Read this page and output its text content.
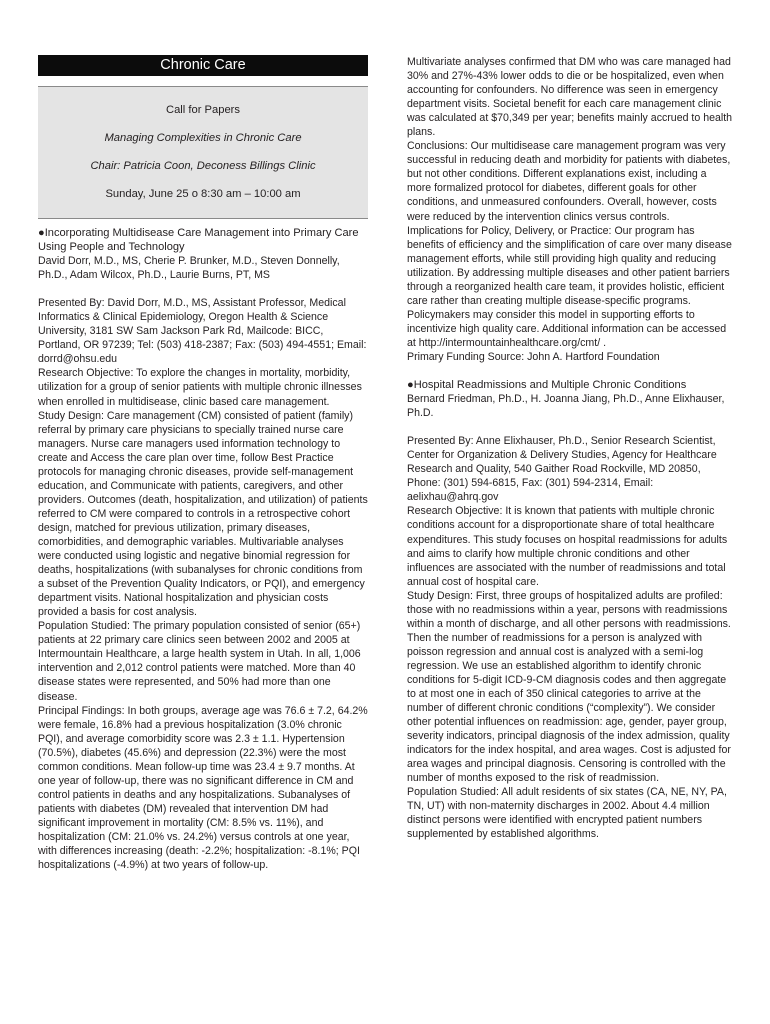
Chronic Care
Call for Papers
Managing Complexities in Chronic Care
Chair: Patricia Coon, Deconess Billings Clinic
Sunday, June 25 o 8:30 am – 10:00 am

●Incorporating Multidisease Care Management into Primary Care Using People and Technology

David Dorr, M.D., MS, Cherie P. Brunker, M.D., Steven Donnelly, Ph.D., Adam Wilcox, Ph.D., Laurie Burns, PT, MS

Presented By: David Dorr, M.D., MS, Assistant Professor, Medical Informatics & Clinical Epidemiology, Oregon Health & Science University, 3181 SW Sam Jackson Park Rd, Mailcode: BICC, Portland, OR 97239; Tel: (503) 418-2387; Fax: (503) 494-4551; Email: dorrd@ohsu.edu

Research Objective: To explore the changes in mortality, morbidity, utilization for a group of senior patients with multiple chronic illnesses when enrolled in multidisease, clinic based care management.

Study Design: Care management (CM) consisted of patient (family) referral by primary care physicians to specially trained nurse care managers. Nurse care managers used information technology to create and Access the care plan over time, follow Best Practice protocols for managing chronic diseases, provide self-management education, and Communicate with patients, caregivers, and other providers. Outcomes (death, hospitalization, and utilization) of patients referred to CM were compared to controls in a retrospective cohort design, matched for previous utilization, primary diseases, comorbidities, and demographic variables. Multivariable analyses were conducted using logistic and negative binomial regression for deaths, hospitalizations (with subanalyses for chronic conditions from a subset of the Prevention Quality Indicators, or PQI), and emergency department visits. National hospitalization and physician costs provided a basis for cost analysis.

Population Studied: The primary population consisted of senior (65+) patients at 22 primary care clinics seen between 2002 and 2005 at Intermountain Healthcare, a large health system in Utah. In all, 1,006 intervention and 2,012 control patients were matched. More than 40 disease states were represented, and 50% had more than one disease.

Principal Findings: In both groups, average age was 76.6 ± 7.2, 64.2% were female, 16.8% had a previous hospitalization (3.0% chronic PQI), and average comorbidity score was 2.3 ± 1.1. Hypertension (70.5%), diabetes (45.6%) and depression (22.3%) were the most common conditions. Mean follow-up time was 23.4 ± 9.7 months. At one year of follow-up, there was no significant difference in CM and control patients in deaths and any hospitalizations. Subanalyses of patients with diabetes (DM) revealed that intervention DM had significant improvement in mortality (CM: 8.5% vs. 11%), and hospitalization (CM: 21.0% vs. 24.2%) versus controls at one year, with differences increasing (death: -2.2%; hospitalization: -8.1%; PQI hospitalizations (-4.9%) at two years of follow-up.

Multivariate analyses confirmed that DM who was care managed had 30% and 27%-43% lower odds to die or be hospitalized, even when accounting for confounders. No difference was seen in emergency department visits. Societal benefit for each care management clinic was calculated at $70,349 per year; benefits mainly accrued to health plans.

Conclusions: Our multidisease care management program was very successful in reducing death and morbidity for patients with diabetes, but not other conditions. Different explanations exist, including a more formalized protocol for diabetes, different goals for other conditions, and unmeasured confounders. Overall, however, costs were reduced by the intervention clinics versus controls.

Implications for Policy, Delivery, or Practice: Our program has benefits of efficiency and the simplification of care over many disease management efforts, while still providing high quality and reducing utilization. By addressing multiple diseases and other patient barriers through a reorganized health care team, it provides holistic, efficient care rather than creating multiple disease-specific programs. Policymakers may consider this model in supporting efforts to incentivize high quality care. Additional information can be accessed at http://intermountainhealthcare.org/cmt/ .

Primary Funding Source: John A. Hartford Foundation

●Hospital Readmissions and Multiple Chronic Conditions

Bernard Friedman, Ph.D., H. Joanna Jiang, Ph.D., Anne Elixhauser, Ph.D.

Presented By: Anne Elixhauser, Ph.D., Senior Research Scientist, Center for Organization & Delivery Studies, Agency for Healthcare Research and Quality, 540 Gaither Road Rockville, MD 20850, Phone: (301) 594-6815, Fax: (301) 594-2314, Email: aelixhau@ahrq.gov

Research Objective: It is known that patients with multiple chronic conditions account for a disproportionate share of total healthcare expenditures. This study focuses on hospital readmissions for adults and aims to clarify how multiple chronic conditions and other influences are associated with the number of readmissions and total annual cost of hospital care.

Study Design: First, three groups of hospitalized adults are profiled: those with no readmissions within a year, persons with readmissions within a month of discharge, and all other persons with readmissions. Then the number of readmissions for a person is analyzed with poisson regression and annual cost is analyzed with a semi-log regression. We use an established algorithm to identify chronic conditions for 5-digit ICD-9-CM diagnosis codes and then aggregate to at most one in each of 350 clinical categories to arrive at the number of different chronic conditions (“complexity”). We consider other potential influences on readmission: age, gender, payer group, severity indicators, principal diagnosis of the index admission, quality indicators for the index hospital, and area wages. Cost is adjusted for area wages and principal diagnosis. Censoring is controlled with the number of months exposed to the risk of readmission.

Population Studied: All adult residents of six states (CA, NE, NY, PA, TN, UT) with non-maternity discharges in 2002. About 4.4 million distinct persons were identified with encrypted patient numbers supplemented by established algorithms.
